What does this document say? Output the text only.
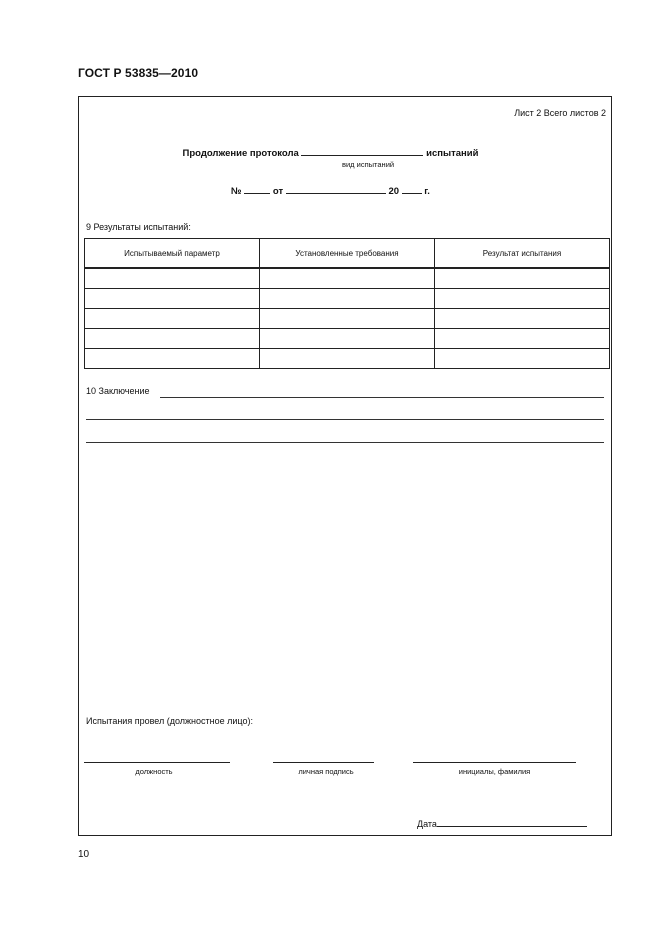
ГОСТ Р 53835—2010
Лист 2 Всего листов 2
Продолжение протокола	испытаний
вид испытаний
№	от	20	г.
9 Результаты испытаний:
Испытываемый параметр	Установленные требования	Результат испытания

10 Заключение
Испытания провел (должностное лицо):
должность	личная подпись	инициалы, фамилия
Дата
10
